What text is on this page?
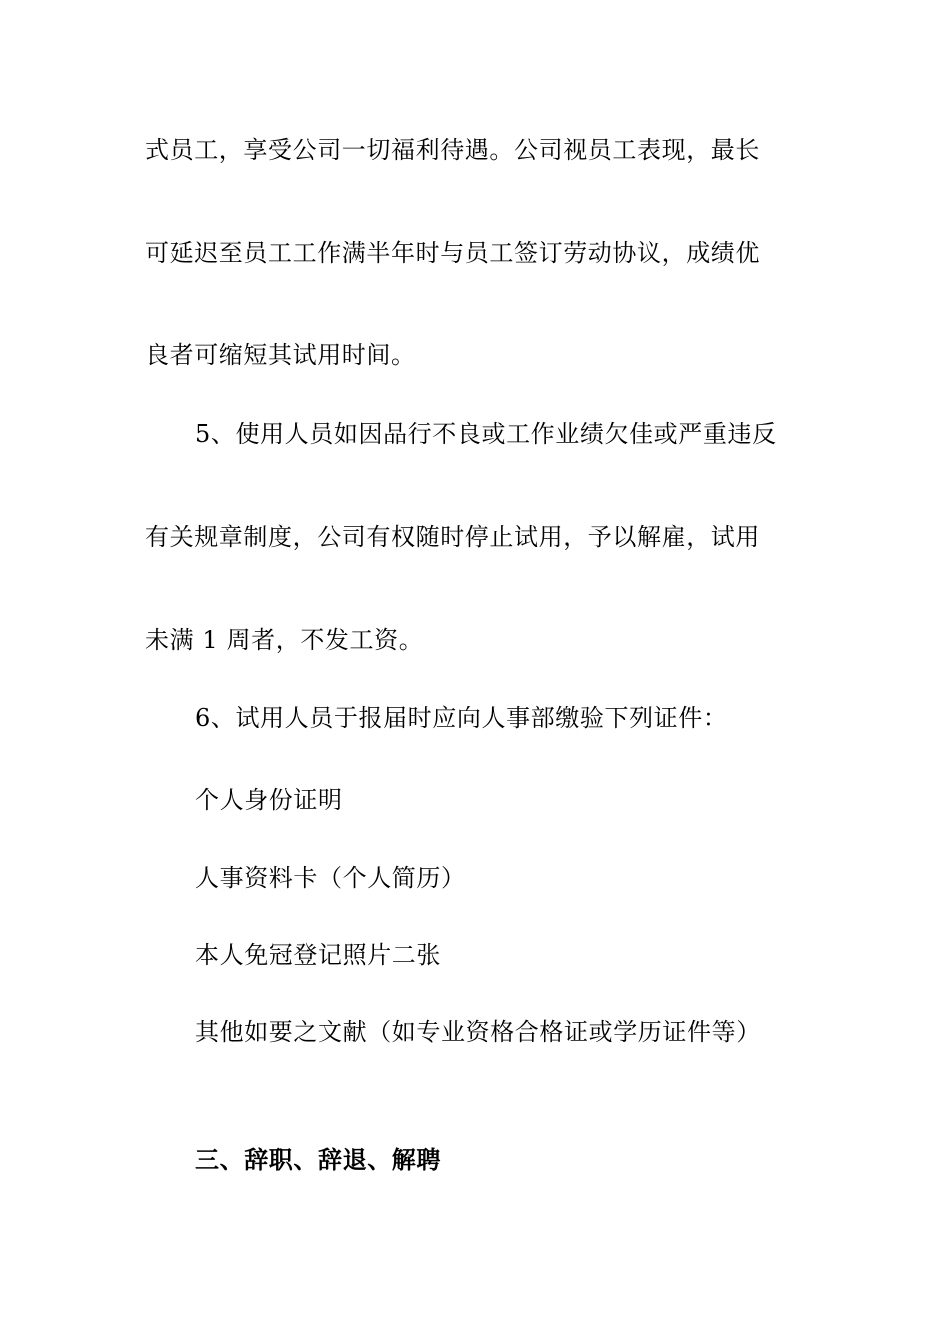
式员工，享受公司一切福利待遇。公司视员工表现，最长
可延迟至员工工作满半年时与员工签订劳动协议，成绩优
良者可缩短其试用时间。
5、使用人员如因品行不良或工作业绩欠佳或严重违反
有关规章制度，公司有权随时停止试用，予以解雇，试用
未满 1 周者，不发工资。
6、试用人员于报届时应向人事部缴验下列证件：
个人身份证明
人事资料卡（个人简历）
本人免冠登记照片二张
其他如要之文献（如专业资格合格证或学历证件等）
三、辞职、辞退、解聘
